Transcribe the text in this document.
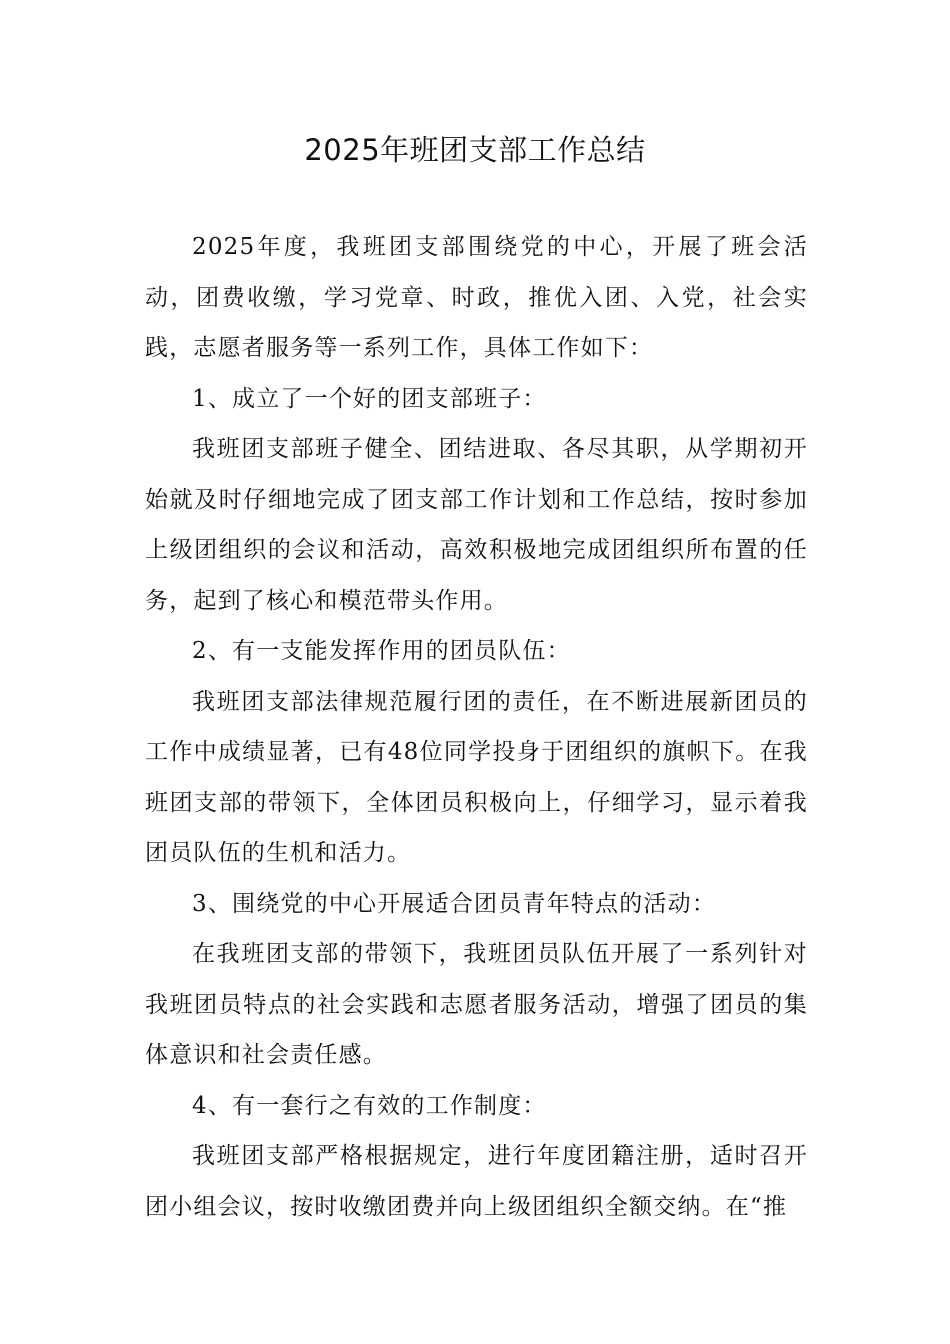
2025年班团支部工作总结

2025年度，我班团支部围绕党的中心，开展了班会活动，团费收缴，学习党章、时政，推优入团、入党，社会实践，志愿者服务等一系列工作，具体工作如下：

1、成立了一个好的团支部班子：

我班团支部班子健全、团结进取、各尽其职，从学期初开始就及时仔细地完成了团支部工作计划和工作总结，按时参加上级团组织的会议和活动，高效积极地完成团组织所布置的任务，起到了核心和模范带头作用。

2、有一支能发挥作用的团员队伍：

我班团支部法律规范履行团的责任，在不断进展新团员的工作中成绩显著，已有48位同学投身于团组织的旗帜下。在我班团支部的带领下，全体团员积极向上，仔细学习，显示着我团员队伍的生机和活力。

3、围绕党的中心开展适合团员青年特点的活动：

在我班团支部的带领下，我班团员队伍开展了一系列针对我班团员特点的社会实践和志愿者服务活动，增强了团员的集体意识和社会责任感。

4、有一套行之有效的工作制度：

我班团支部严格根据规定，进行年度团籍注册，适时召开团小组会议，按时收缴团费并向上级团组织全额交纳。在“推
